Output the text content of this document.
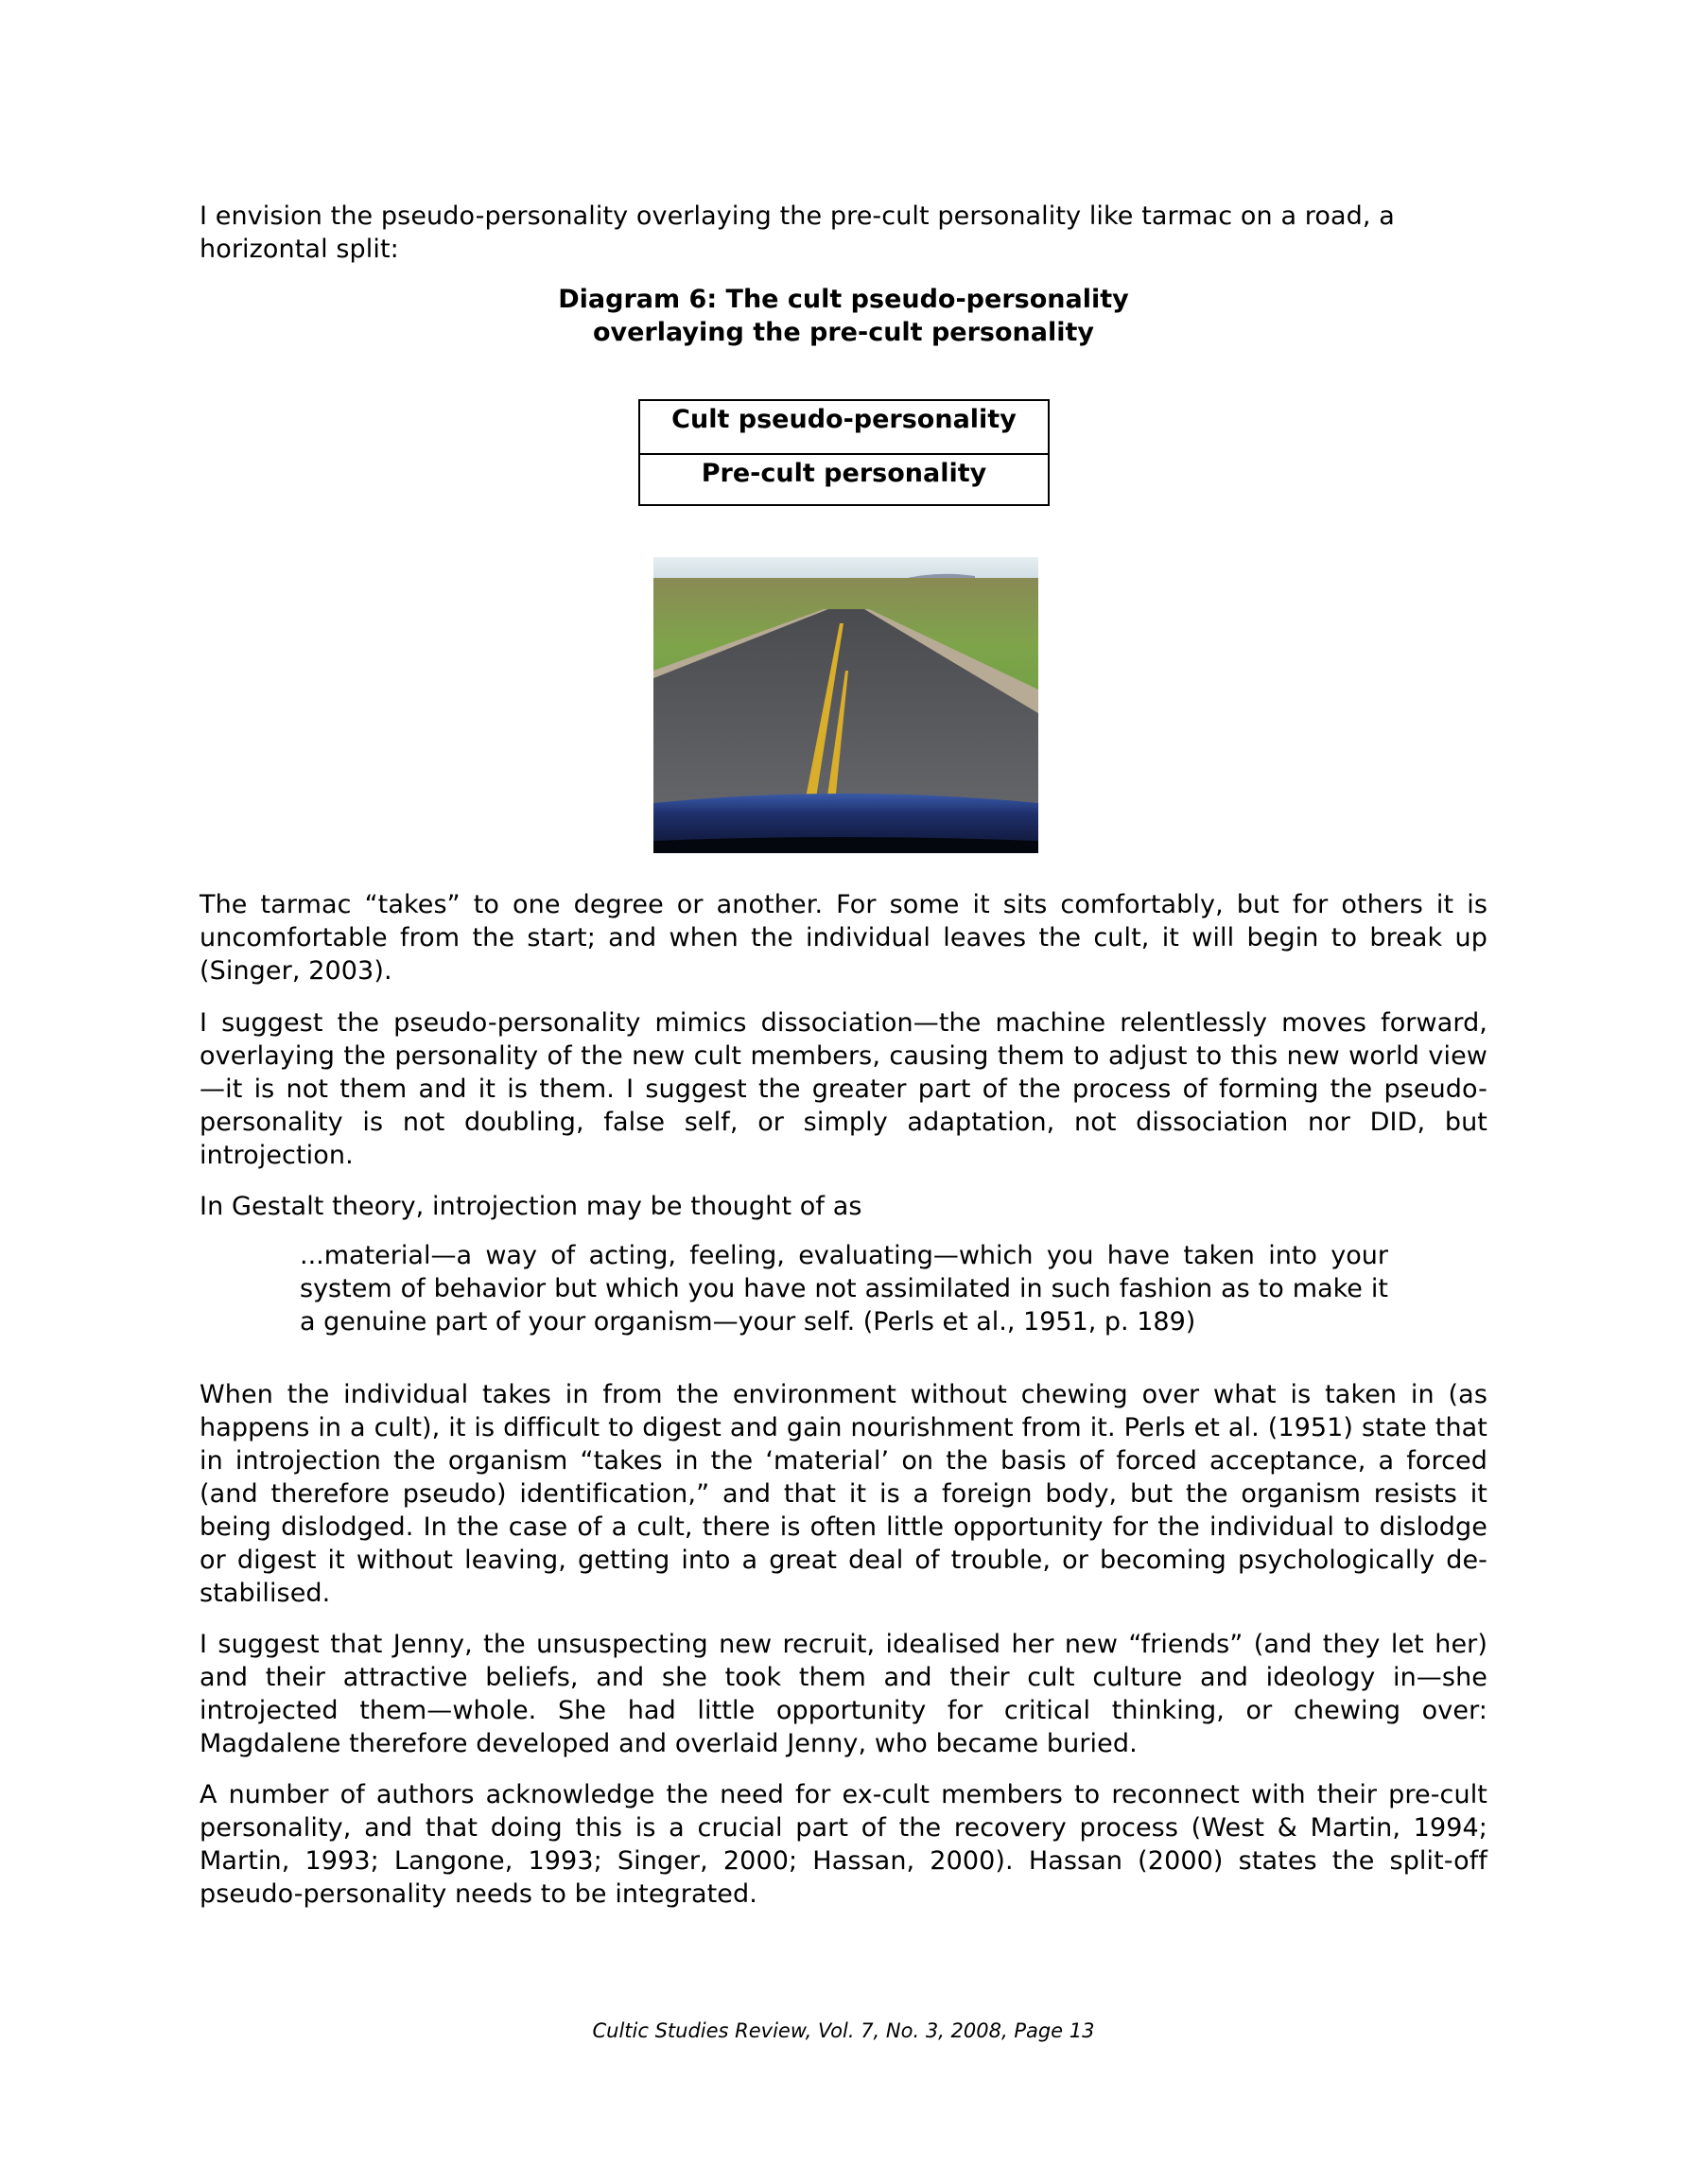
I envision the pseudo-personality overlaying the pre-cult personality like tarmac on a road, a horizontal split:

Diagram 6: The cult pseudo-personality
overlaying the pre-cult personality
Cult pseudo-personality
Pre-cult personality

The tarmac “takes” to one degree or another. For some it sits comfortably, but for others it is uncomfortable from the start; and when the individual leaves the cult, it will begin to break up (Singer, 2003).

I suggest the pseudo-personality mimics dissociation—the machine relentlessly moves forward, overlaying the personality of the new cult members, causing them to adjust to this new world view—it is not them and it is them. I suggest the greater part of the process of forming the pseudo-personality is not doubling, false self, or simply adaptation, not dissociation nor DID, but introjection.

In Gestalt theory, introjection may be thought of as

...material—a way of acting, feeling, evaluating—which you have taken into your system of behavior but which you have not assimilated in such fashion as to make it a genuine part of your organism—your self. (Perls et al., 1951, p. 189)

When the individual takes in from the environment without chewing over what is taken in (as happens in a cult), it is difficult to digest and gain nourishment from it. Perls et al. (1951) state that in introjection the organism “takes in the ‘material’ on the basis of forced acceptance, a forced (and therefore pseudo) identification,” and that it is a foreign body, but the organism resists it being dislodged. In the case of a cult, there is often little opportunity for the individual to dislodge or digest it without leaving, getting into a great deal of trouble, or becoming psychologically de-stabilised.

I suggest that Jenny, the unsuspecting new recruit, idealised her new “friends” (and they let her) and their attractive beliefs, and she took them and their cult culture and ideology in—she introjected them—whole. She had little opportunity for critical thinking, or chewing over: Magdalene therefore developed and overlaid Jenny, who became buried.

A number of authors acknowledge the need for ex-cult members to reconnect with their pre-cult personality, and that doing this is a crucial part of the recovery process (West & Martin, 1994; Martin, 1993; Langone, 1993; Singer, 2000; Hassan, 2000). Hassan (2000) states the split-off pseudo-personality needs to be integrated.

Cultic Studies Review, Vol. 7, No. 3, 2008, Page 13
